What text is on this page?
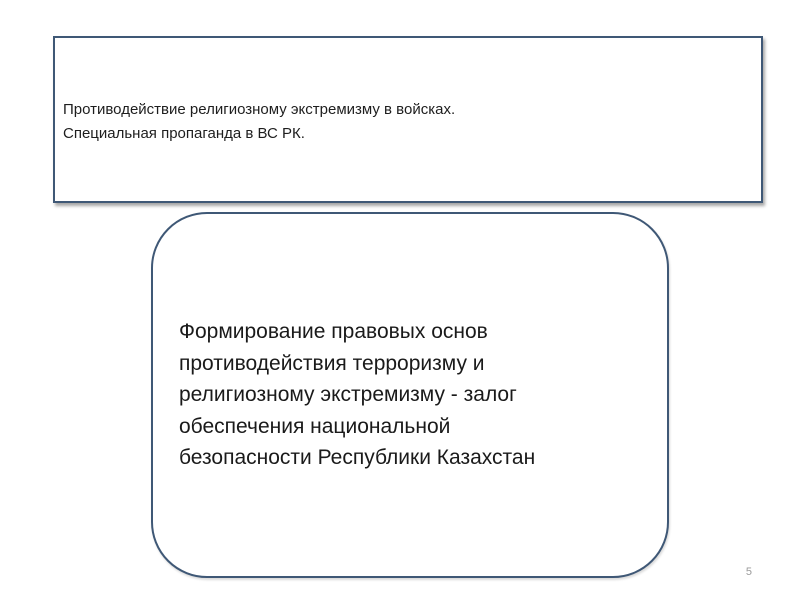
Противодействие религиозному экстремизму в войсках.
Специальная пропаганда в ВС РК.
Формирование правовых основ
противодействия терроризму и
религиозному экстремизму - залог
обеспечения национальной
безопасности Республики Казахстан
5
